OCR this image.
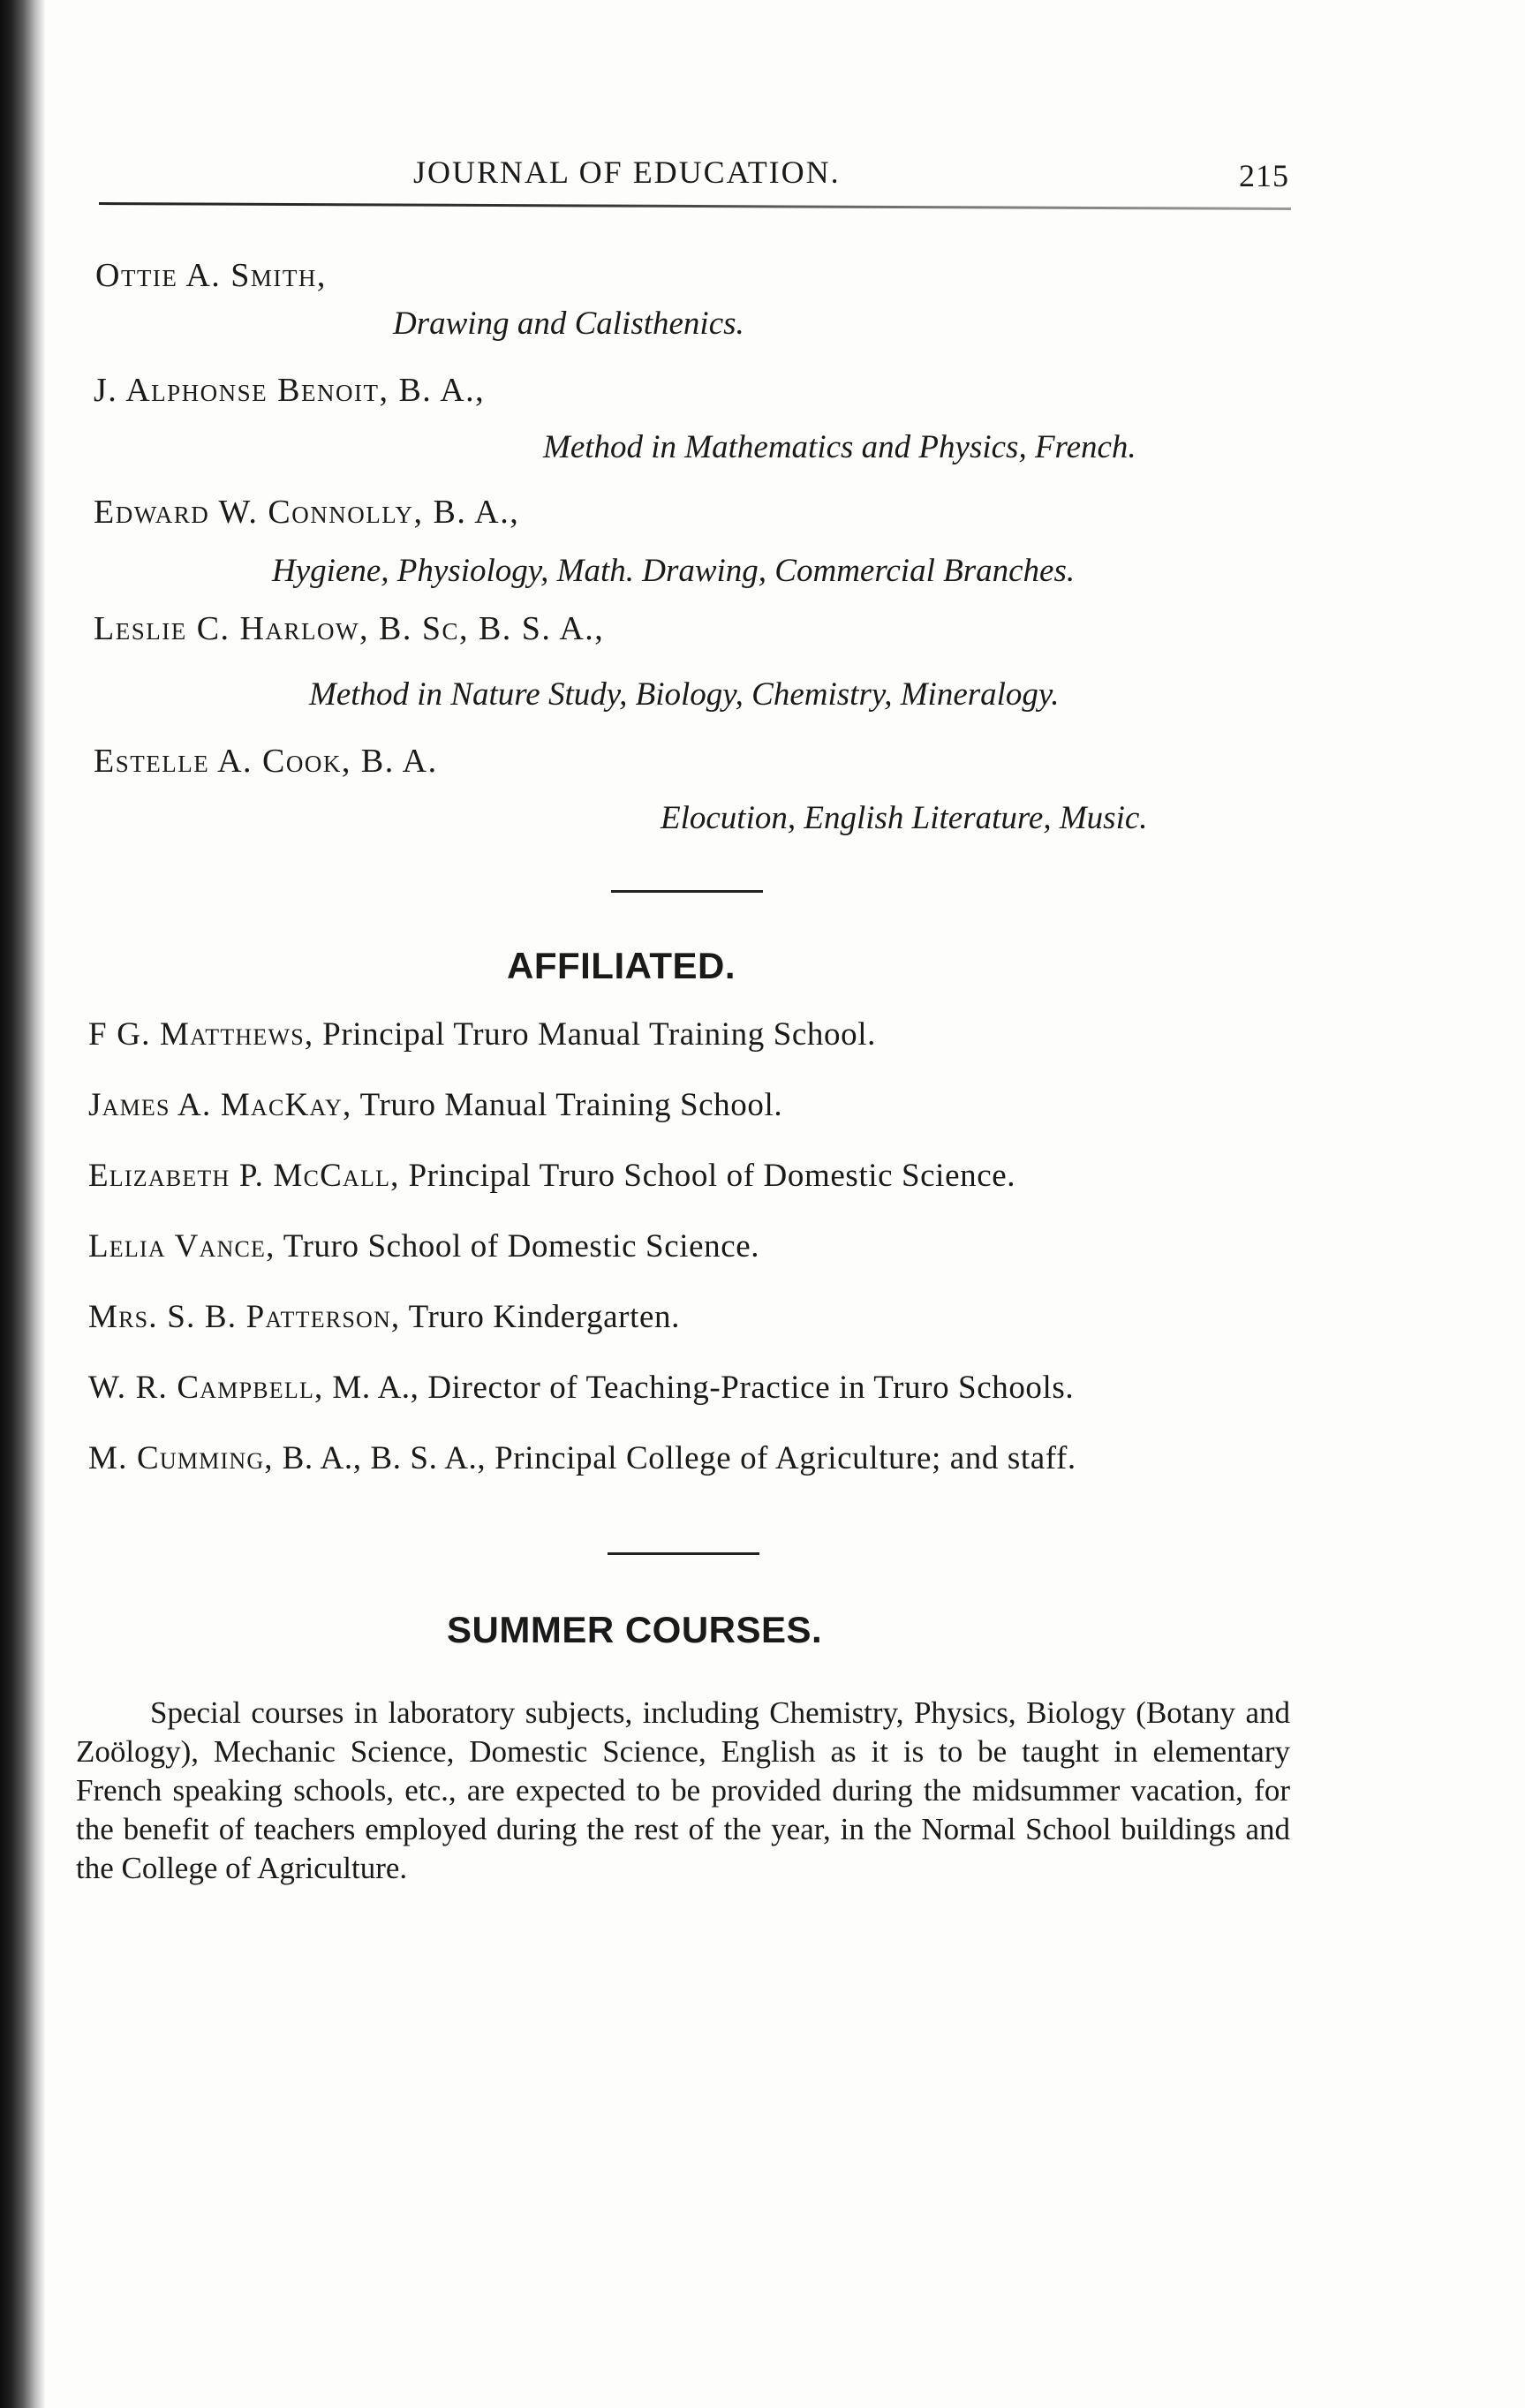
JOURNAL OF EDUCATION.	215
Ottie A. Smith,
Drawing and Calisthenics.
J. Alphonse Benoit, B. A.,
Method in Mathematics and Physics, French.
Edward W. Connolly, B. A.,
Hygiene, Physiology, Math. Drawing, Commercial Branches.
Leslie C. Harlow, B. Sc, B. S. A.,
Method in Nature Study, Biology, Chemistry, Mineralogy.
Estelle A. Cook, B. A.
Elocution, English Literature, Music.
AFFILIATED.
F G. Matthews, Principal Truro Manual Training School.
James A. MacKay, Truro Manual Training School.
Elizabeth P. McCall, Principal Truro School of Domestic Science.
Lelia Vance, Truro School of Domestic Science.
Mrs. S. B. Patterson, Truro Kindergarten.
W. R. Campbell, M. A., Director of Teaching-Practice in Truro Schools.
M. Cumming, B. A., B. S. A., Principal College of Agriculture; and staff.
SUMMER COURSES.
Special courses in laboratory subjects, including Chemistry, Physics, Biology (Botany and Zoölogy), Mechanic Science, Domestic Science, English as it is to be taught in elementary French speaking schools, etc., are expected to be provided during the midsummer vacation, for the benefit of teachers employed during the rest of the year, in the Normal School buildings and the College of Agriculture.
